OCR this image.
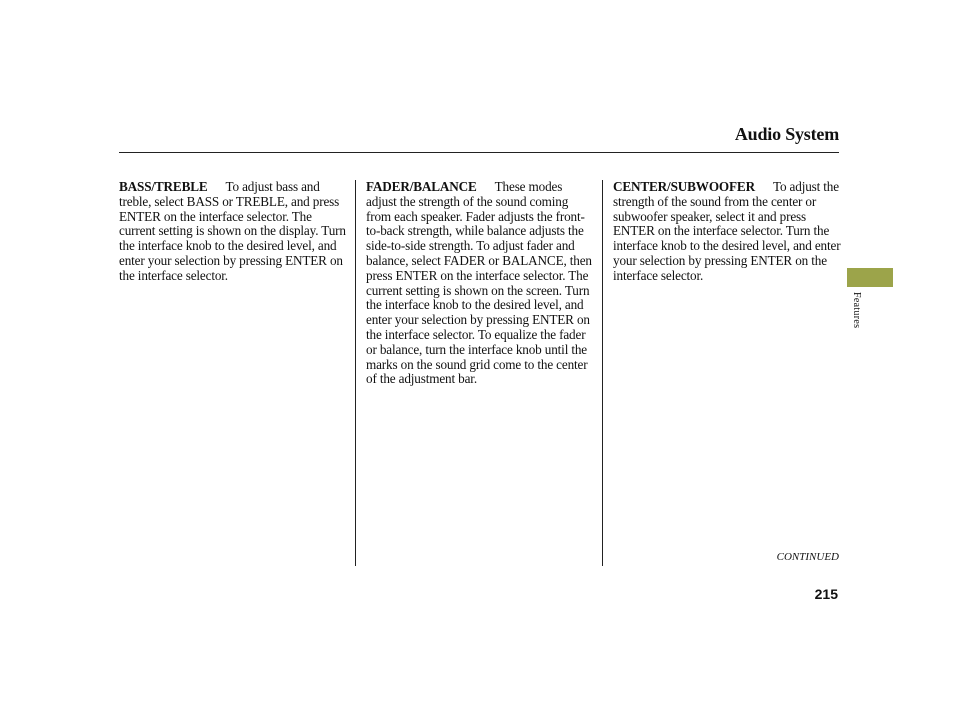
Audio System

BASS/TREBLE To adjust bass and treble, select BASS or TREBLE, and press ENTER on the interface selector. The current setting is shown on the display. Turn the interface knob to the desired level, and enter your selection by pressing ENTER on the interface selector.

FADER/BALANCE These modes adjust the strength of the sound coming from each speaker. Fader adjusts the front-to-back strength, while balance adjusts the side-to-side strength. To adjust fader and balance, select FADER or BALANCE, then press ENTER on the interface selector. The current setting is shown on the screen. Turn the interface knob to the desired level, and enter your selection by pressing ENTER on the interface selector. To equalize the fader or balance, turn the interface knob until the marks on the sound grid come to the center of the adjustment bar.

CENTER/SUBWOOFER To adjust the strength of the sound from the center or subwoofer speaker, select it and press ENTER on the interface selector. Turn the interface knob to the desired level, and enter your selection by pressing ENTER on the interface selector.

Features

CONTINUED

215
